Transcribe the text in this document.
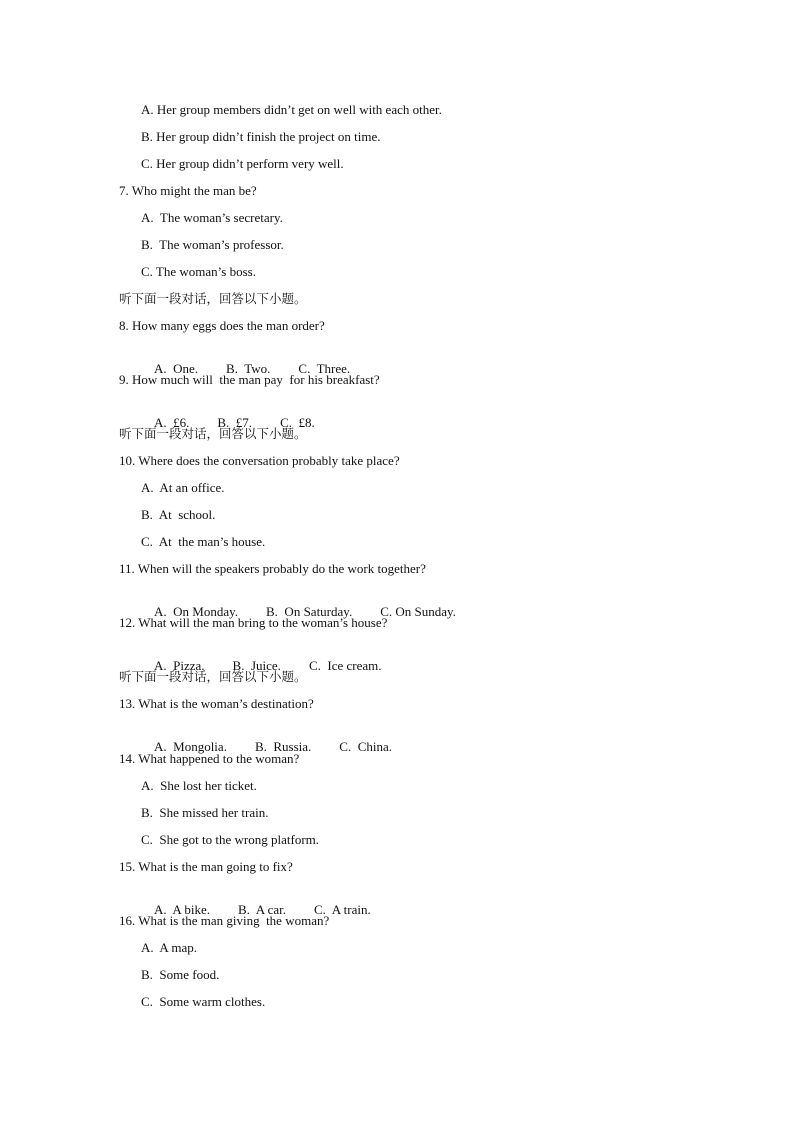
A. Her group members didn’t get on well with each other.
B. Her group didn’t finish the project on time.
C. Her group didn’t perform very well.
7. Who might the man be?
A.  The woman’s secretary.
B.  The woman’s professor.
C. The woman’s boss.
听下面一段对话，回答以下小题。
8. How many eggs does the man order?

A.  One. B.  Two. C.  Three.

9. How much will  the man pay  for his breakfast?

A.  £6. B.  £7. C.  £8.

听下面一段对话，回答以下小题。
10. Where does the conversation probably take place?
A.  At an office.
B.  At  school.
C.  At  the man’s house.
11. When will the speakers probably do the work together?

A.  On Monday. B.  On Saturday. C. On Sunday.

12. What will the man bring to the woman’s house?

A.  Pizza. B.  Juice. C.  Ice cream.

听下面一段对话，回答以下小题。
13. What is the woman’s destination?

A.  Mongolia. B.  Russia. C.  China.

14. What happened to the woman?
A.  She lost her ticket.
B.  She missed her train.
C.  She got to the wrong platform.
15. What is the man going to fix?

A.  A bike. B.  A car. C.  A train.

16. What is the man giving  the woman?
A.  A map.
B.  Some food.
C.  Some warm clothes.
